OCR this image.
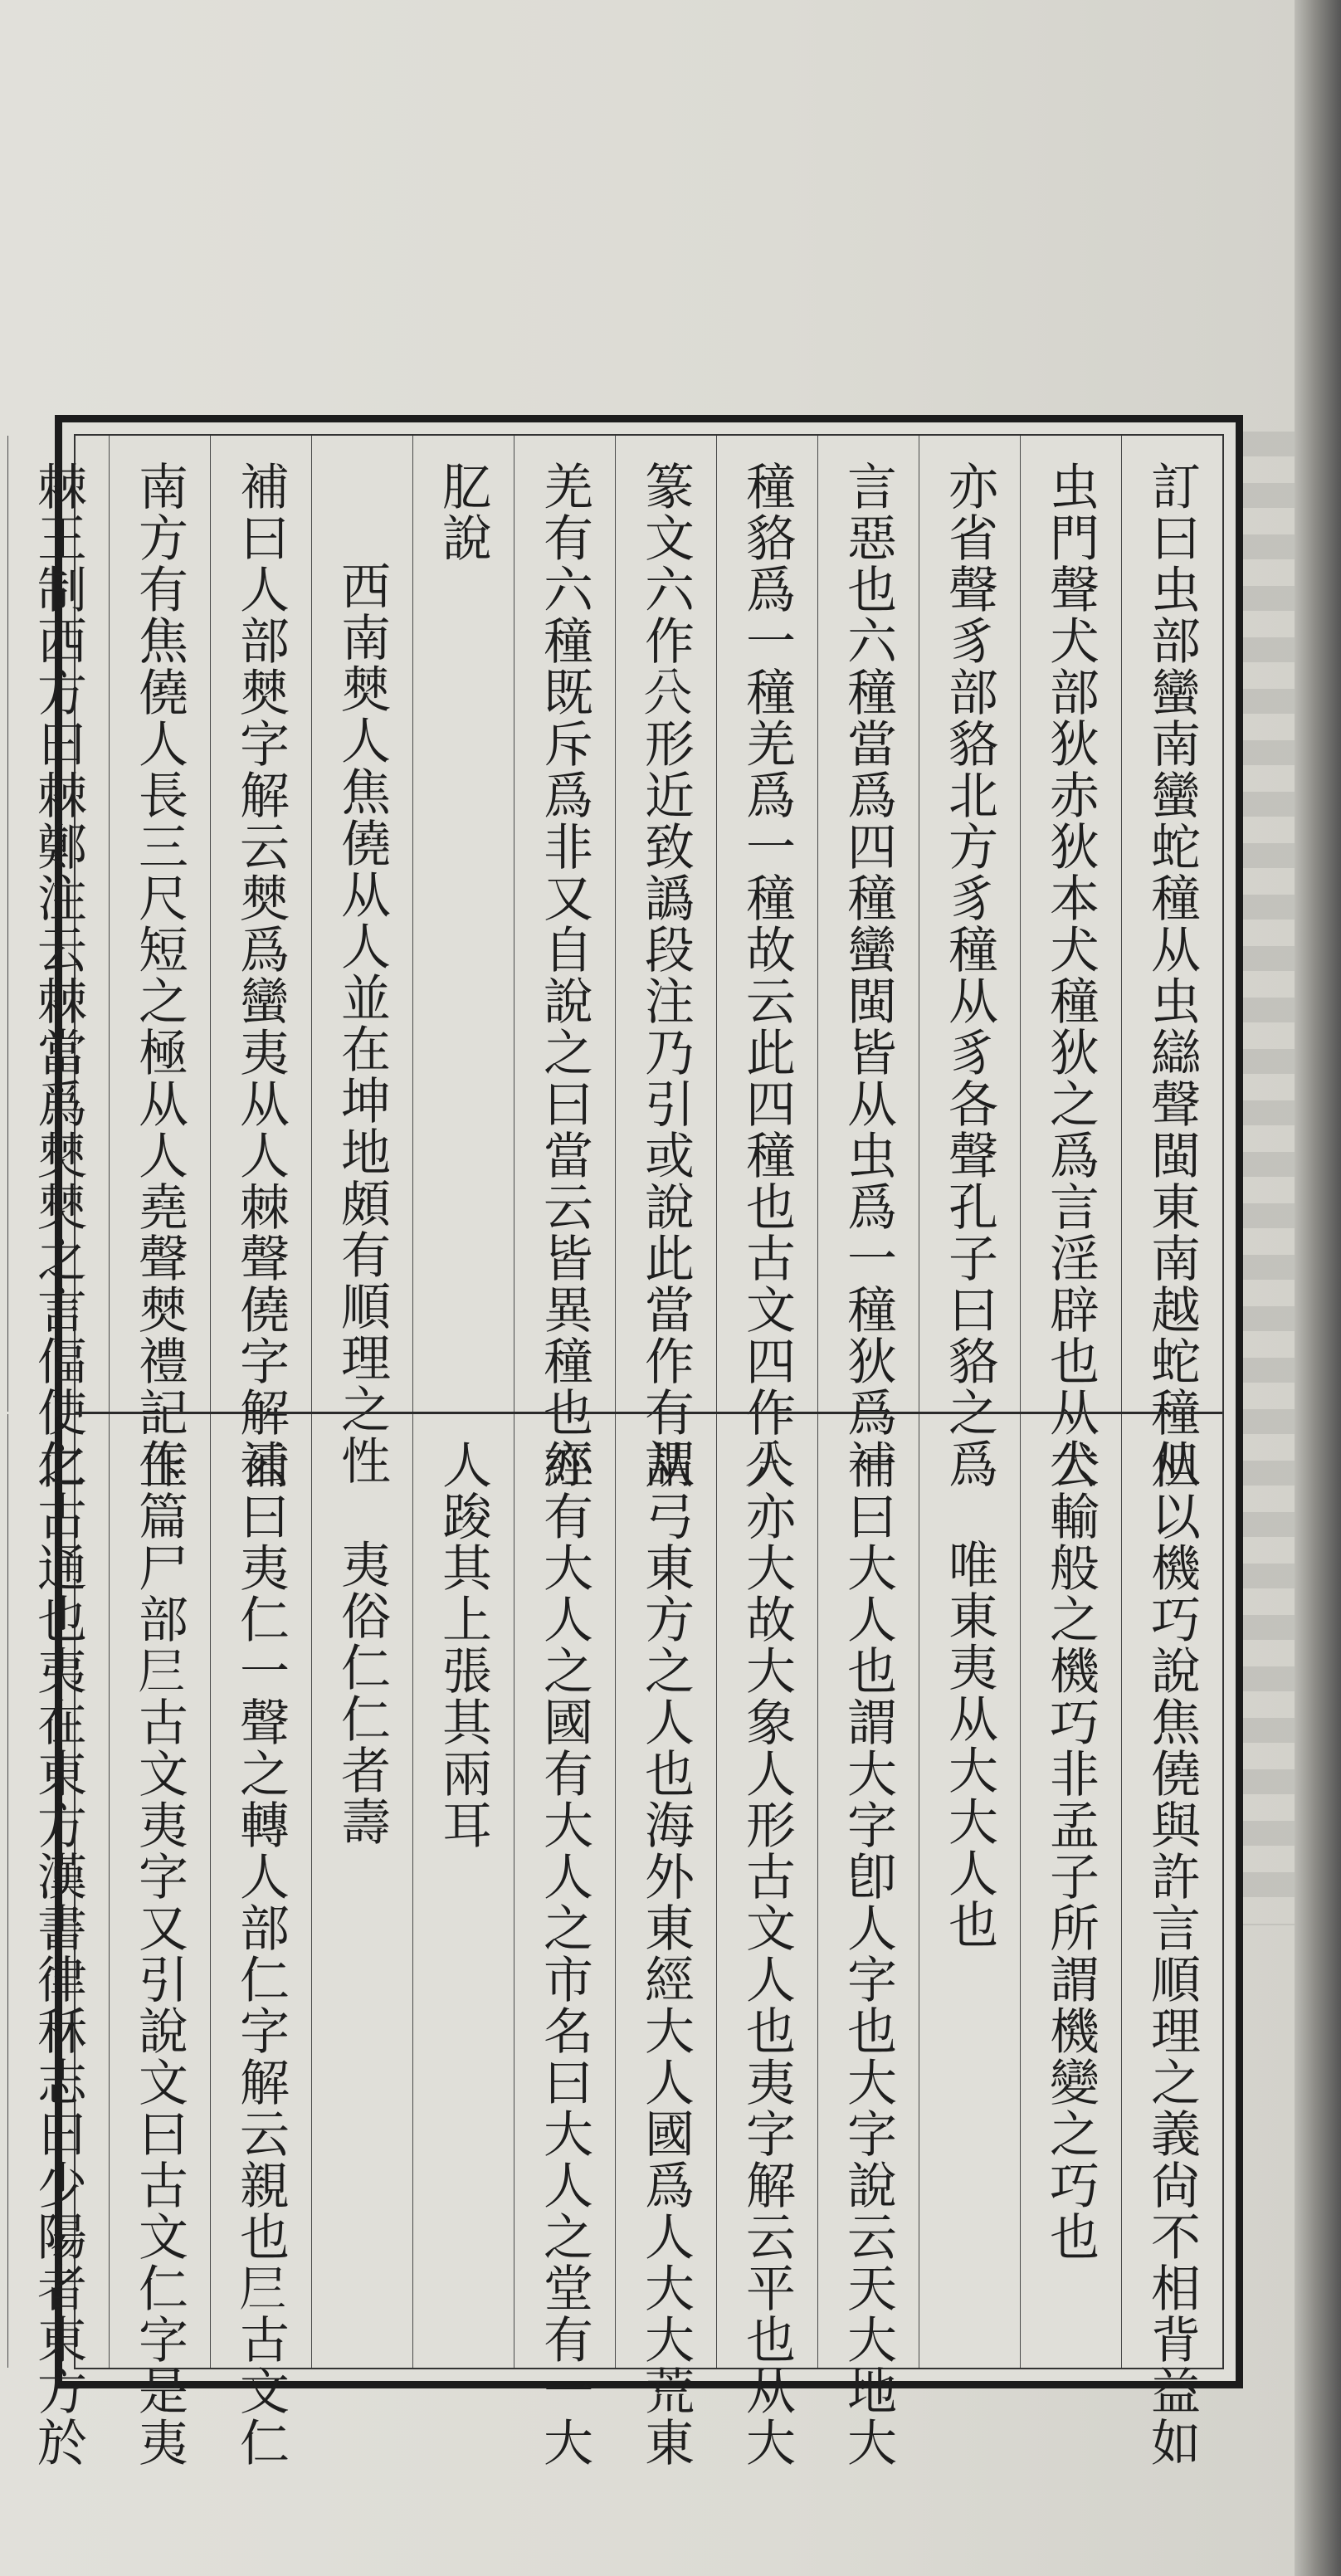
訂曰虫部蠻南蠻蛇穜从虫䜌聲閩東南越蛇穜从
虫門聲犬部狄赤狄本犬穜狄之爲言淫辟也从犬
亦省聲豸部貉北方豸穜从豸各聲孔子曰貉之爲
言惡也六穜當爲四穜蠻閩皆从虫爲一穜狄爲一
穜貉爲一穜羌爲一穜故云此四穜也古文四作𠔁
篆文六作𠔁形近致譌段注乃引或說此當作有謂
羌有六穜既斥爲非又自說之曰當云皆異穜也亦
肊說
西南僰人焦僥从人並在坤地頗有順理之性
補曰人部僰字解云僰爲蠻夷从人棘聲僥字解云
南方有焦僥人長三尺短之極从人堯聲僰禮記作
棘王制西方曰棘鄭注云棘當爲僰僰之言偪使之
但以機巧說焦僥與許言順理之義尙不相背益如
公輸般之機巧非孟子所謂機變之巧也
唯東夷从大大人也
補曰大人也謂大字卽人字也大字說云天大地大
人亦大故大象人形古文人也夷字解云平也从大
从弓東方之人也海外東經大人國爲人大大荒東
經有大人之國有大人之市名曰大人之堂有一大
人踆其上張其兩耳
夷俗仁仁者壽
補曰夷仁一聲之轉人部仁字解云親也𡰥古文仁
玉篇尸部𡰥古文夷字又引說文曰古文仁字是夷
仁古通也夷在東方漢書律秝志曰少陽者東方於
